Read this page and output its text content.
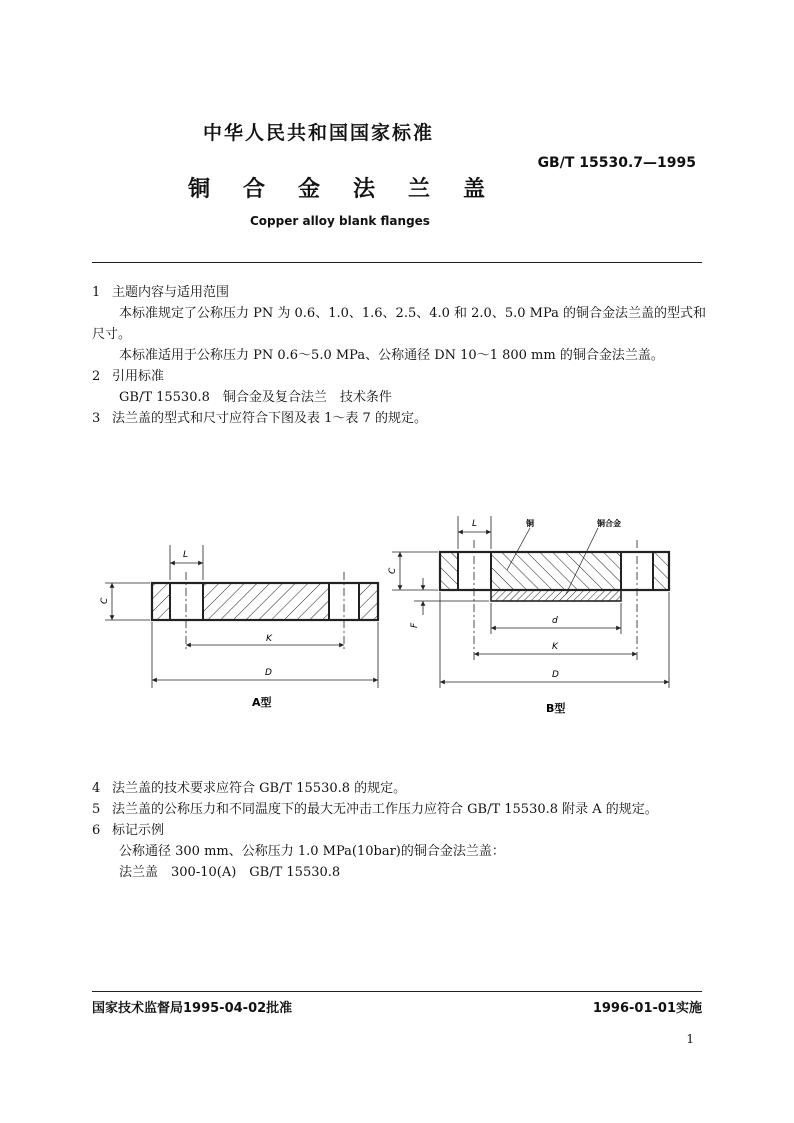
中华人民共和国国家标准
GB/T 15530.7—1995
铜合金法兰盖
Copper alloy blank flanges
1 主题内容与适用范围
本标准规定了公称压力 PN 为 0.6、1.0、1.6、2.5、4.0 和 2.0、5.0 MPa 的铜合金法兰盖的型式和
尺寸。
本标准适用于公称压力 PN 0.6～5.0 MPa、公称通径 DN 10～1 800 mm 的铜合金法兰盖。
2 引用标准
GB/T 15530.8　 铜合金及复合法兰　技术条件
3 法兰盖的型式和尺寸应符合下图及表 1～表 7 的规定。
L
C
K
D
A型
铜	铜合金
L
C
F	d
K
D
B型
4 法兰盖的技术要求应符合 GB/T 15530.8 的规定。
5 法兰盖的公称压力和不同温度下的最大无冲击工作压力应符合 GB/T 15530.8 附录 A 的规定。
6 标记示例
公称通径 300 mm、公称压力 1.0 MPa(10bar)的铜合金法兰盖：
法兰盖　300-10(A)　GB/T 15530.8
国家技术监督局1995-04-02批准	1996-01-01实施
1
